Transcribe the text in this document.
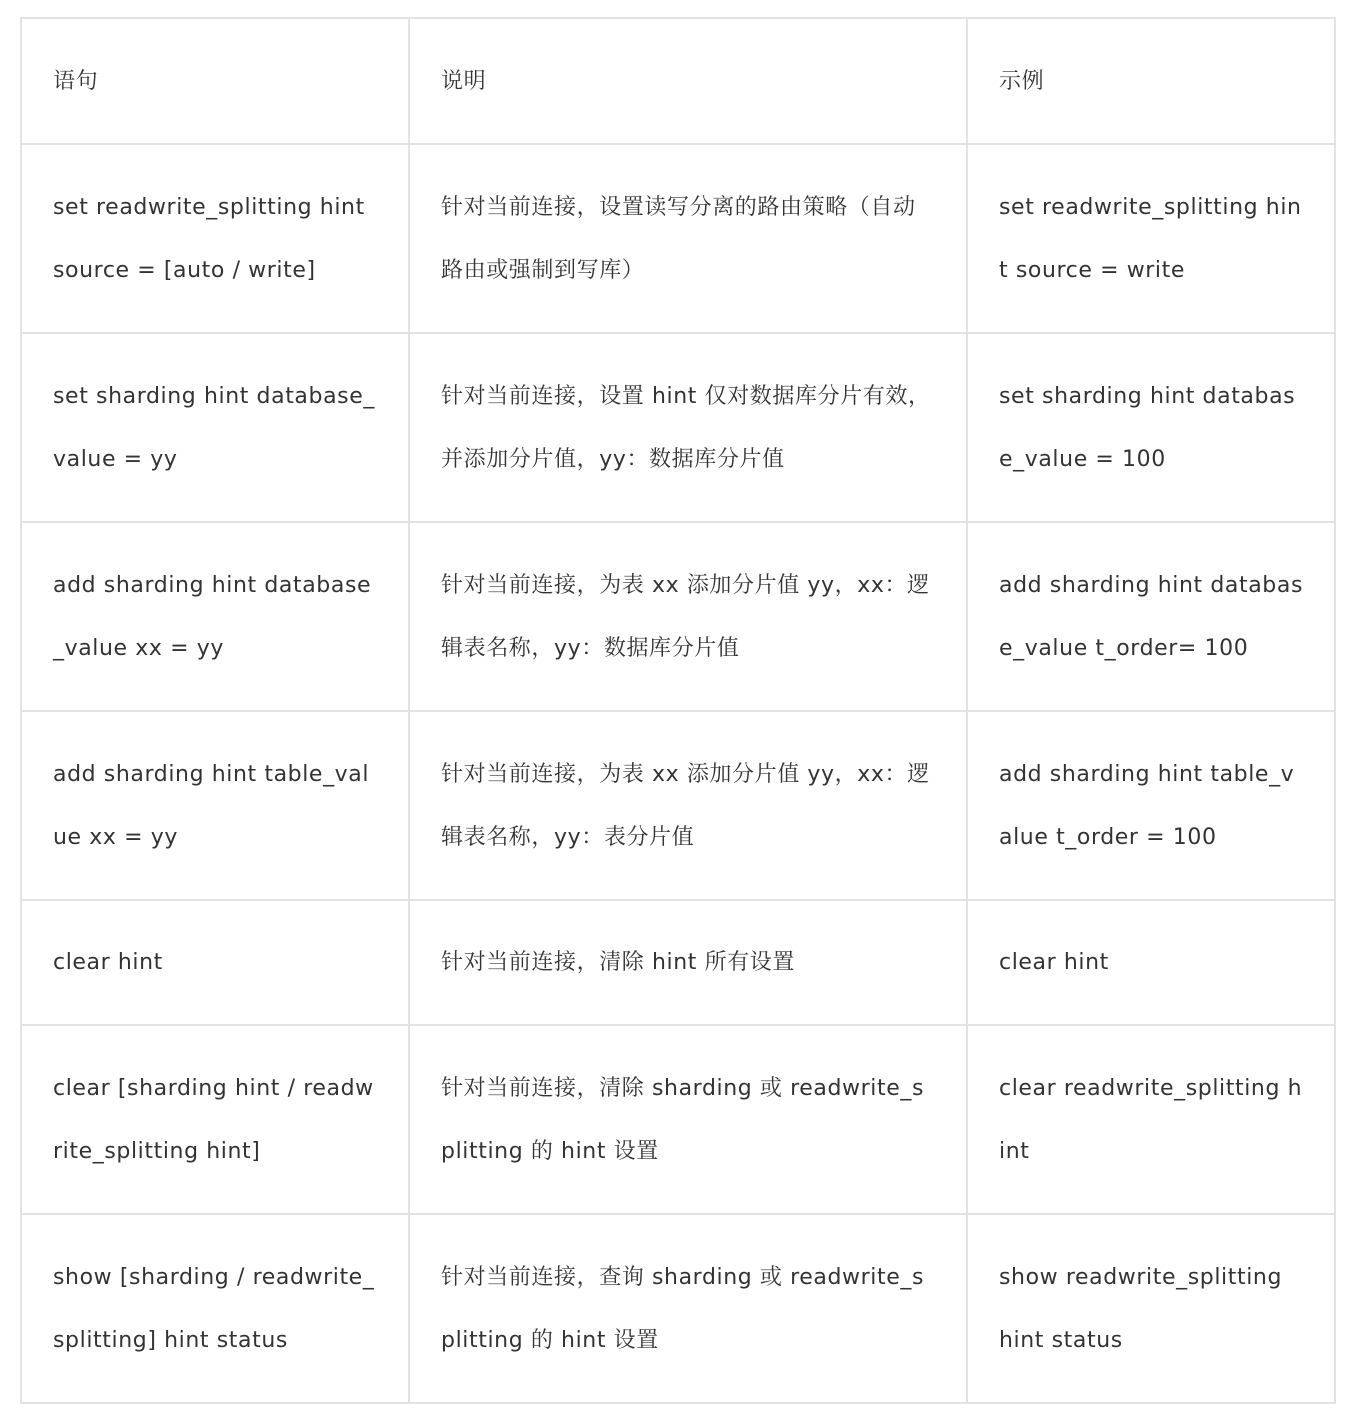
语句	说明	示例
set readwrite_splitting hint source = [auto / write]	针对当前连接，设置读写分离的路由策略（自动路由或强制到写库）	set readwrite_splitting hint source = write
set sharding hint database_value = yy	针对当前连接，设置 hint 仅对数据库分片有效，并添加分片值，yy：数据库分片值	set sharding hint database_value = 100
add sharding hint database_value xx = yy	针对当前连接，为表 xx 添加分片值 yy，xx：逻辑表名称，yy：数据库分片值	add sharding hint database_value t_order= 100
add sharding hint table_value xx = yy	针对当前连接，为表 xx 添加分片值 yy，xx：逻辑表名称，yy：表分片值	add sharding hint table_value t_order = 100
clear hint	针对当前连接，清除 hint 所有设置	clear hint
clear [sharding hint / readwrite_splitting hint]	针对当前连接，清除 sharding 或 readwrite_splitting 的 hint 设置	clear readwrite_splitting hint
show [sharding / readwrite_splitting] hint status	针对当前连接，查询 sharding 或 readwrite_splitting 的 hint 设置	show readwrite_splitting hint status
